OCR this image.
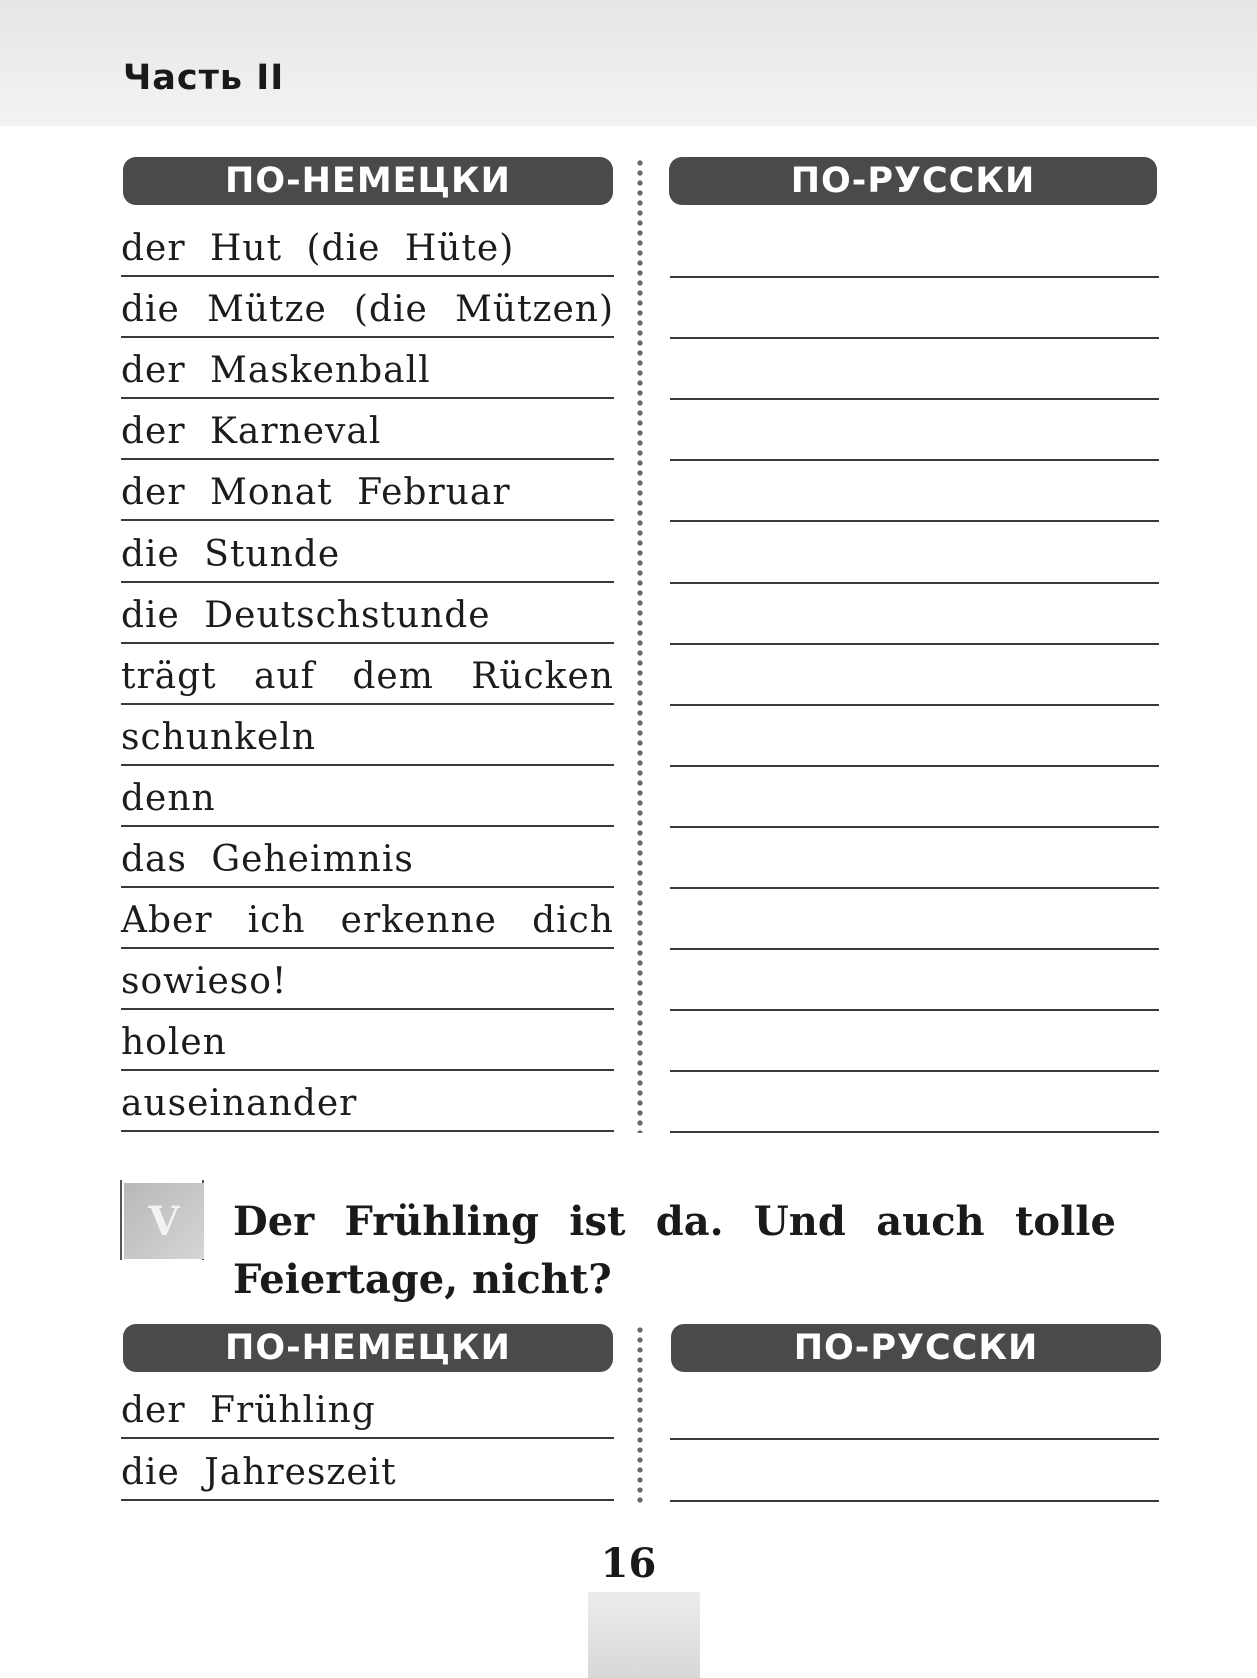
Часть II
ПО-НЕМЕЦКИ	ПО-РУССКИ
der Hut (die Hüte)
die Mütze (die Mützen)
der Maskenball
der Karneval
der Monat Februar
die Stunde
die Deutschstunde
trägt auf dem Rücken
schunkeln
denn
das Geheimnis
Aber ich erkenne dich
sowieso!
holen
auseinander
V	Der Frühling ist da. Und auch tolle
Feiertage, nicht?
ПО-НЕМЕЦКИ	ПО-РУССКИ
der Frühling
die Jahreszeit
16
